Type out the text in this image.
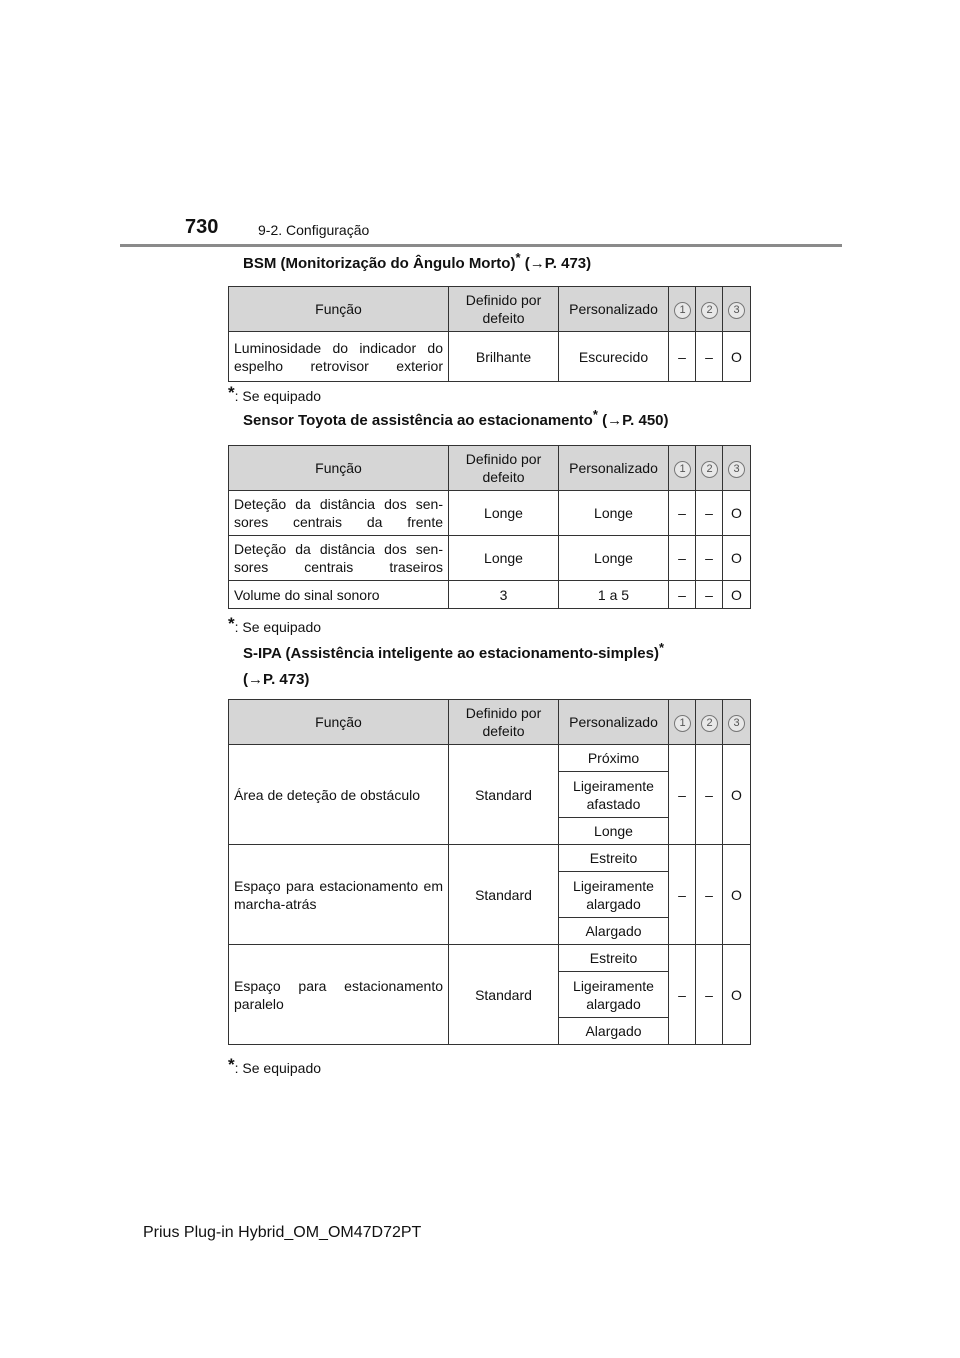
730	9-2. Configuração
BSM (Monitorização do Ângulo Morto)* (→P. 473)
Função	Definido por defeito	Personalizado	1	2	3
Luminosidade do indicador do espelho retrovisor exterior	Brilhante	Escurecido	–	–	O
*: Se equipado
Sensor Toyota de assistência ao estacionamento* (→P. 450)
Função	Definido por defeito	Personalizado	1	2	3
Deteção da distância dos sen-sores centrais da frente	Longe	Longe	–	–	O
Deteção da distância dos sen-sores centrais traseiros	Longe	Longe	–	–	O
Volume do sinal sonoro	3	1 a 5	–	–	O
*: Se equipado
S-IPA (Assistência inteligente ao estacionamento-simples)*
(→P. 473)
Função	Definido por defeito	Personalizado	1	2	3
Área de deteção de obstáculo	Standard	Próximo	–	–	O
		Ligeiramente afastado			
		Longe			
Espaço para estacionamento em marcha-atrás	Standard	Estreito	–	–	O
		Ligeiramente alargado			
		Alargado			
Espaço para estacionamento paralelo	Standard	Estreito	–	–	O
		Ligeiramente alargado			
		Alargado			
*: Se equipado
Prius Plug-in Hybrid_OM_OM47D72PT
